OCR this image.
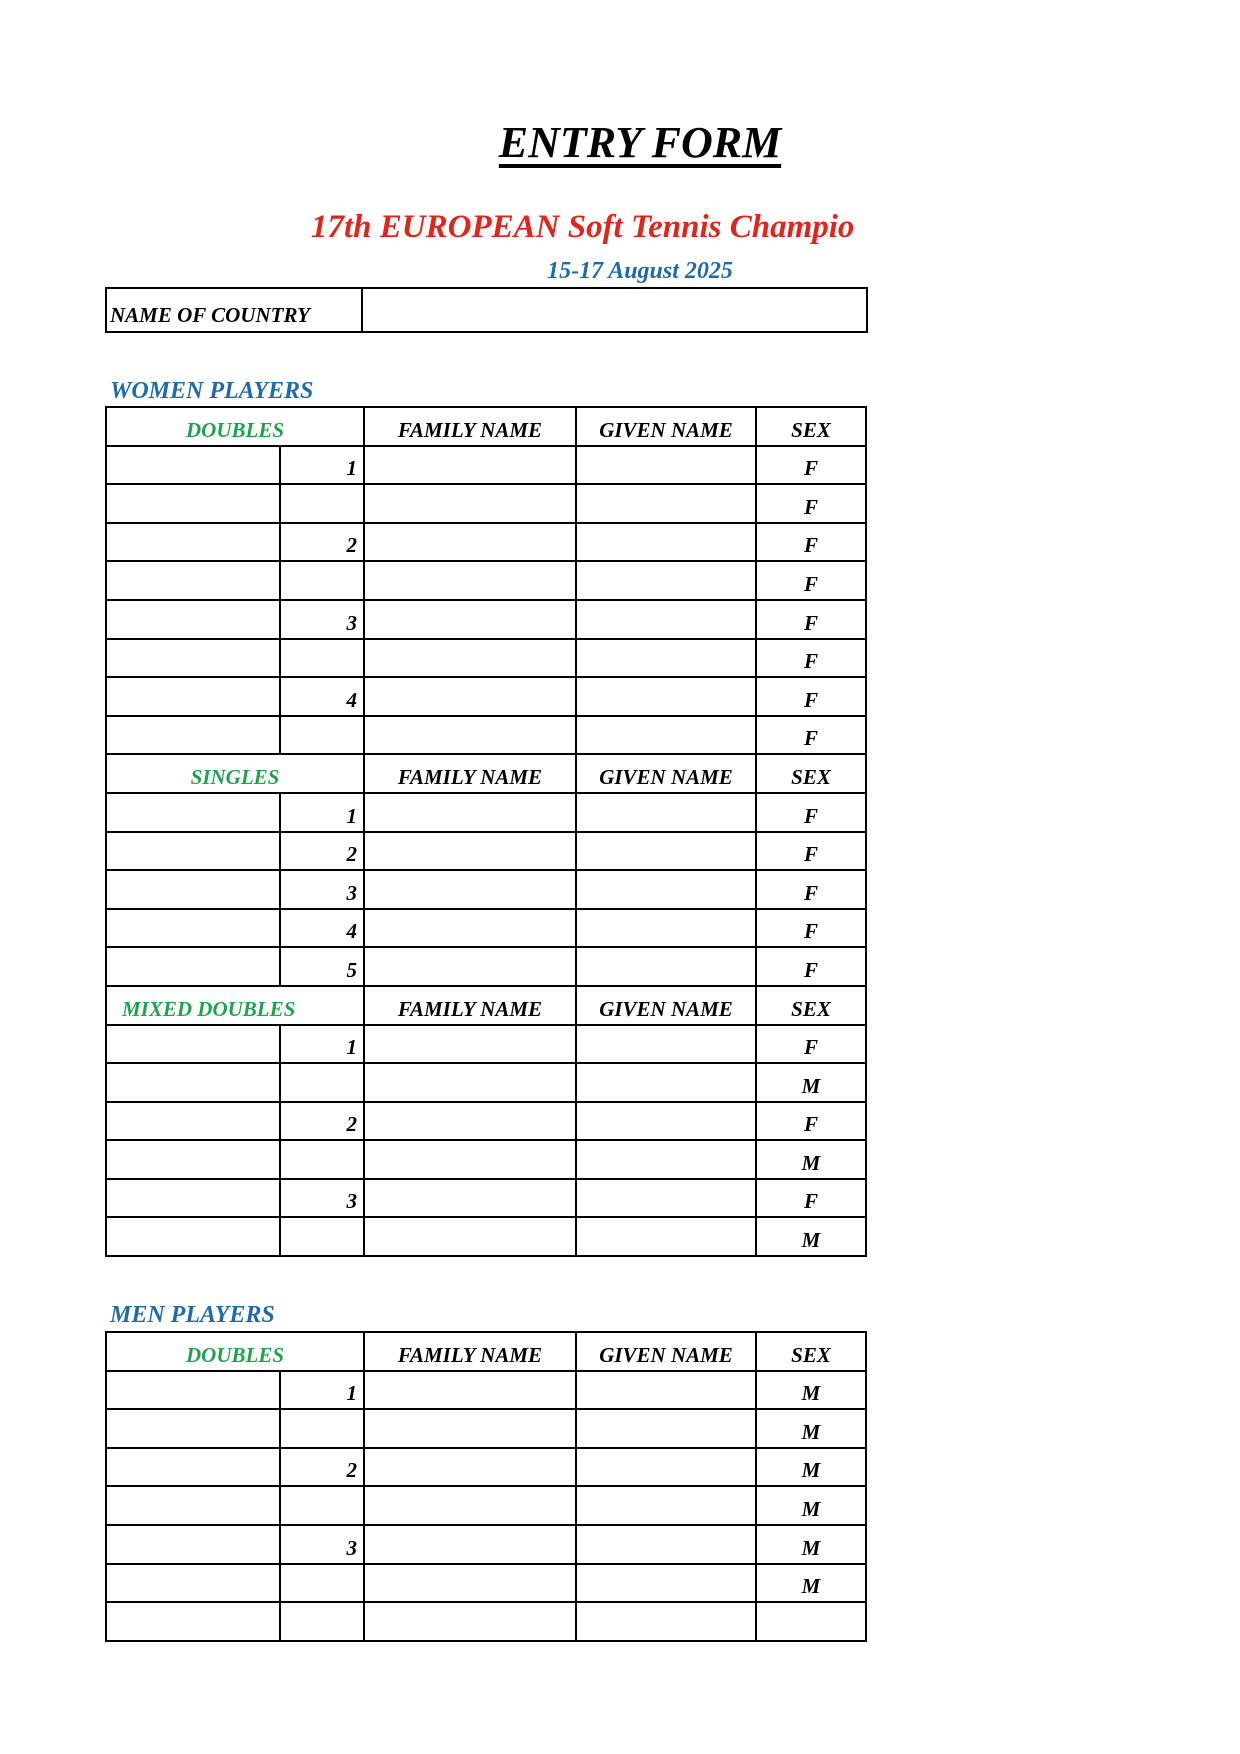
ENTRY FORM
17th EUROPEAN Soft Tennis Champio
15-17 August 2025
NAME OF COUNTRY	
WOMEN PLAYERS
DOUBLES		FAMILY NAME	GIVEN NAME	SEX
	1			F
				F
	2			F
				F
	3			F
				F
	4			F
				F
SINGLES		FAMILY NAME	GIVEN NAME	SEX
	1			F
	2			F
	3			F
	4			F
	5			F
MIXED DOUBLES		FAMILY NAME	GIVEN NAME	SEX
	1			F
				M
	2			F
				M
	3			F
				M
MEN PLAYERS
DOUBLES		FAMILY NAME	GIVEN NAME	SEX
	1			M
				M
	2			M
				M
	3			M
				M
